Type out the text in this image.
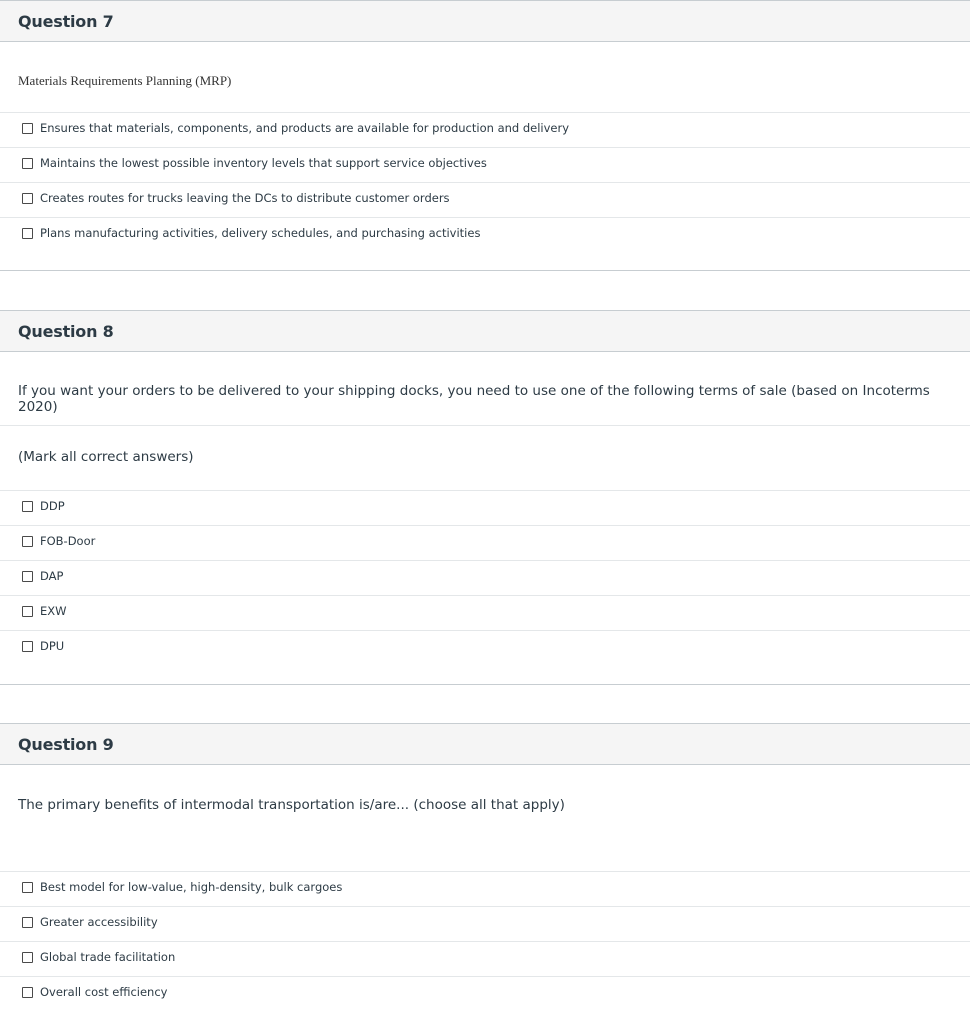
Question 7
Materials Requirements Planning (MRP)
Ensures that materials, components, and products are available for production and delivery
Maintains the lowest possible inventory levels that support service objectives
Creates routes for trucks leaving the DCs to distribute customer orders
Plans manufacturing activities, delivery schedules, and purchasing activities
Question 8
If you want your orders to be delivered to your shipping docks, you need to use one of the following terms of sale (based on Incoterms 2020)
(Mark all correct answers)
DDP
FOB-Door
DAP
EXW
DPU
Question 9
The primary benefits of intermodal transportation is/are... (choose all that apply)
Best model for low-value, high-density, bulk cargoes
Greater accessibility
Global trade facilitation
Overall cost efficiency
